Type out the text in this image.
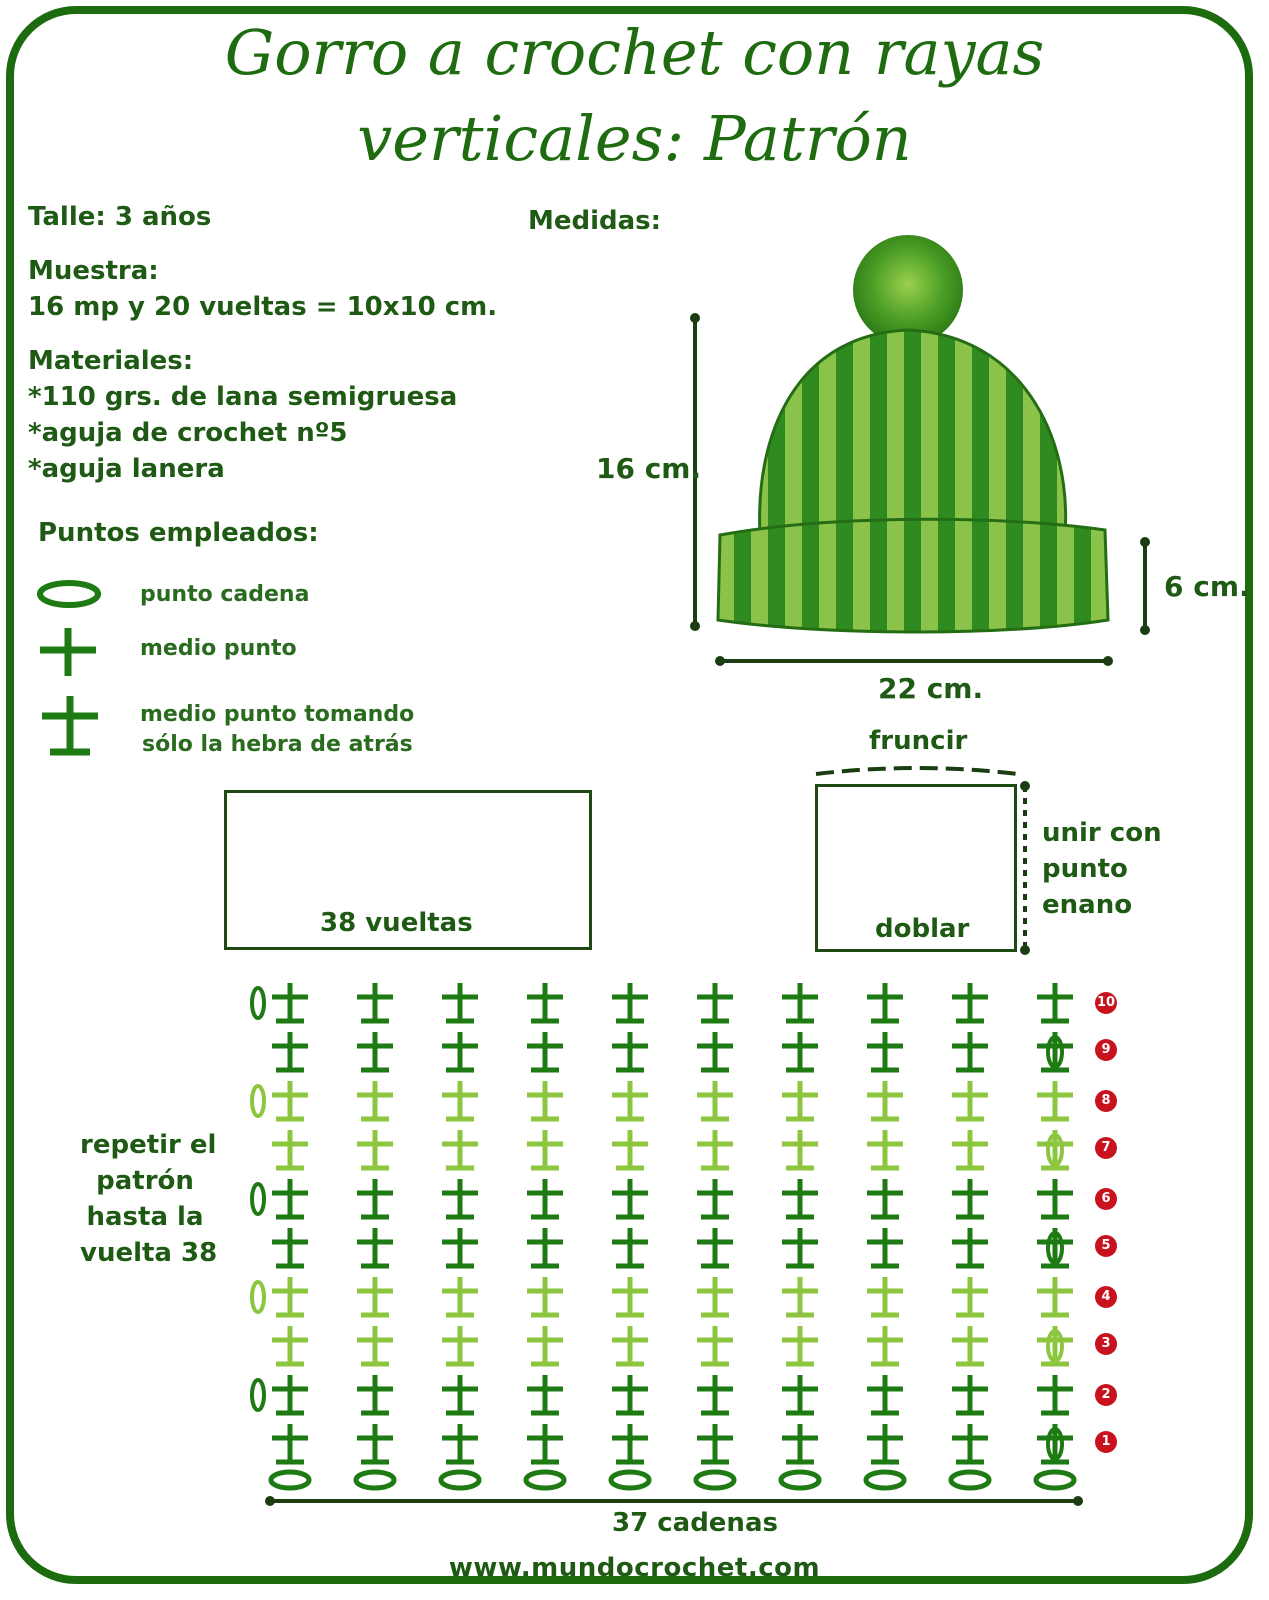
Gorro a crochet con rayas
verticales: Patrón
Talle: 3 años
Muestra:
16 mp y 20 vueltas = 10x10 cm.
Materiales:
*110 grs. de lana semigruesa
*aguja de crochet nº5
*aguja lanera
Medidas:
Puntos empleados:
punto cadena
medio punto
medio punto tomando
sólo la hebra de atrás
16 cm.
6 cm.
22 cm.
38 vueltas
fruncir
doblar
unir con
punto
enano
repetir el
patrón
hasta la
vuelta 38
10
9
8
7
6
5
4
3
2
1
37 cadenas
www.mundocrochet.com
